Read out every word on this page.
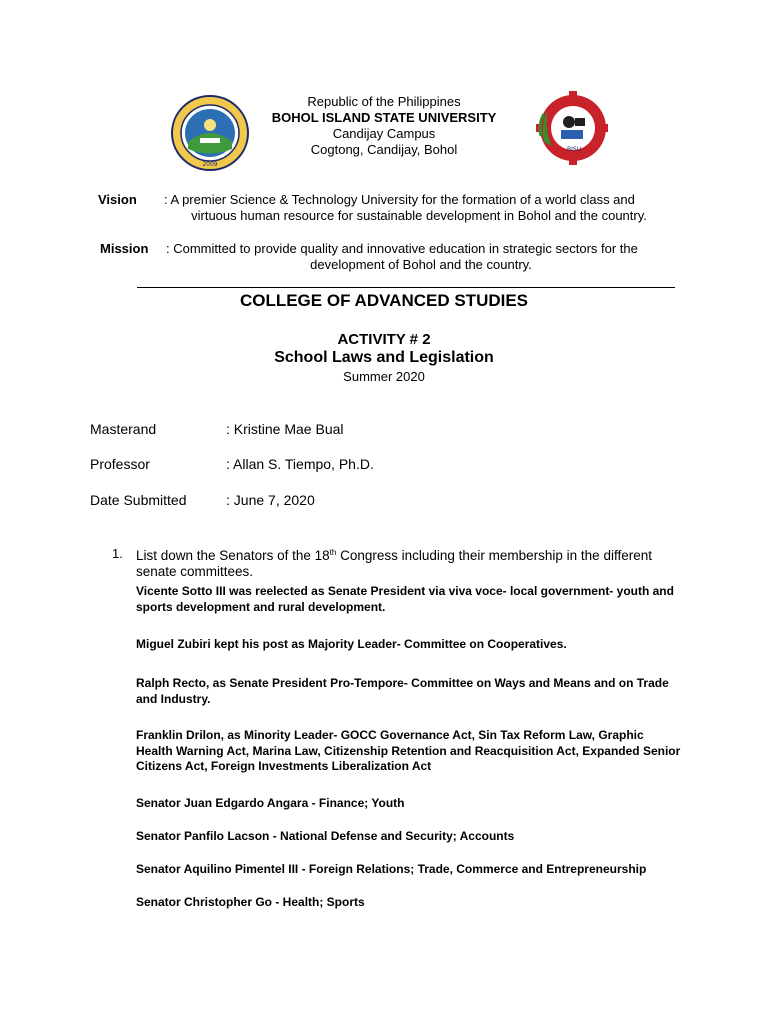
2009
BISU
Republic of the Philippines
BOHOL ISLAND STATE UNIVERSITY
Candijay Campus
Cogtong, Candijay, Bohol
Vision : A premier Science & Technology University for the formation of a world class and
virtuous human resource for sustainable development in Bohol and the country.
Mission : Committed to provide quality and innovative education in strategic sectors for the
development of Bohol and the country.
COLLEGE OF ADVANCED STUDIES
ACTIVITY # 2
School Laws and Legislation
Summer 2020
Masterand	: Kristine Mae Bual
Professor	: Allan S. Tiempo, Ph.D.
Date Submitted	: June 7, 2020
1. List down the Senators of the 18th Congress including their membership in the different senate committees.
Vicente Sotto III was reelected as Senate President via viva voce- local government- youth and sports development and rural development.
Miguel Zubiri kept his post as Majority Leader- Committee on Cooperatives.
Ralph Recto, as Senate President Pro-Tempore- Committee on Ways and Means and on Trade and Industry.
Franklin Drilon, as Minority Leader- GOCC Governance Act, Sin Tax Reform Law, Graphic Health Warning Act, Marina Law, Citizenship Retention and Reacquisition Act, Expanded Senior Citizens Act, Foreign Investments Liberalization Act
Senator Juan Edgardo Angara - Finance; Youth
Senator Panfilo Lacson - National Defense and Security; Accounts
Senator Aquilino Pimentel III - Foreign Relations; Trade, Commerce and Entrepreneurship
Senator Christopher Go - Health; Sports
